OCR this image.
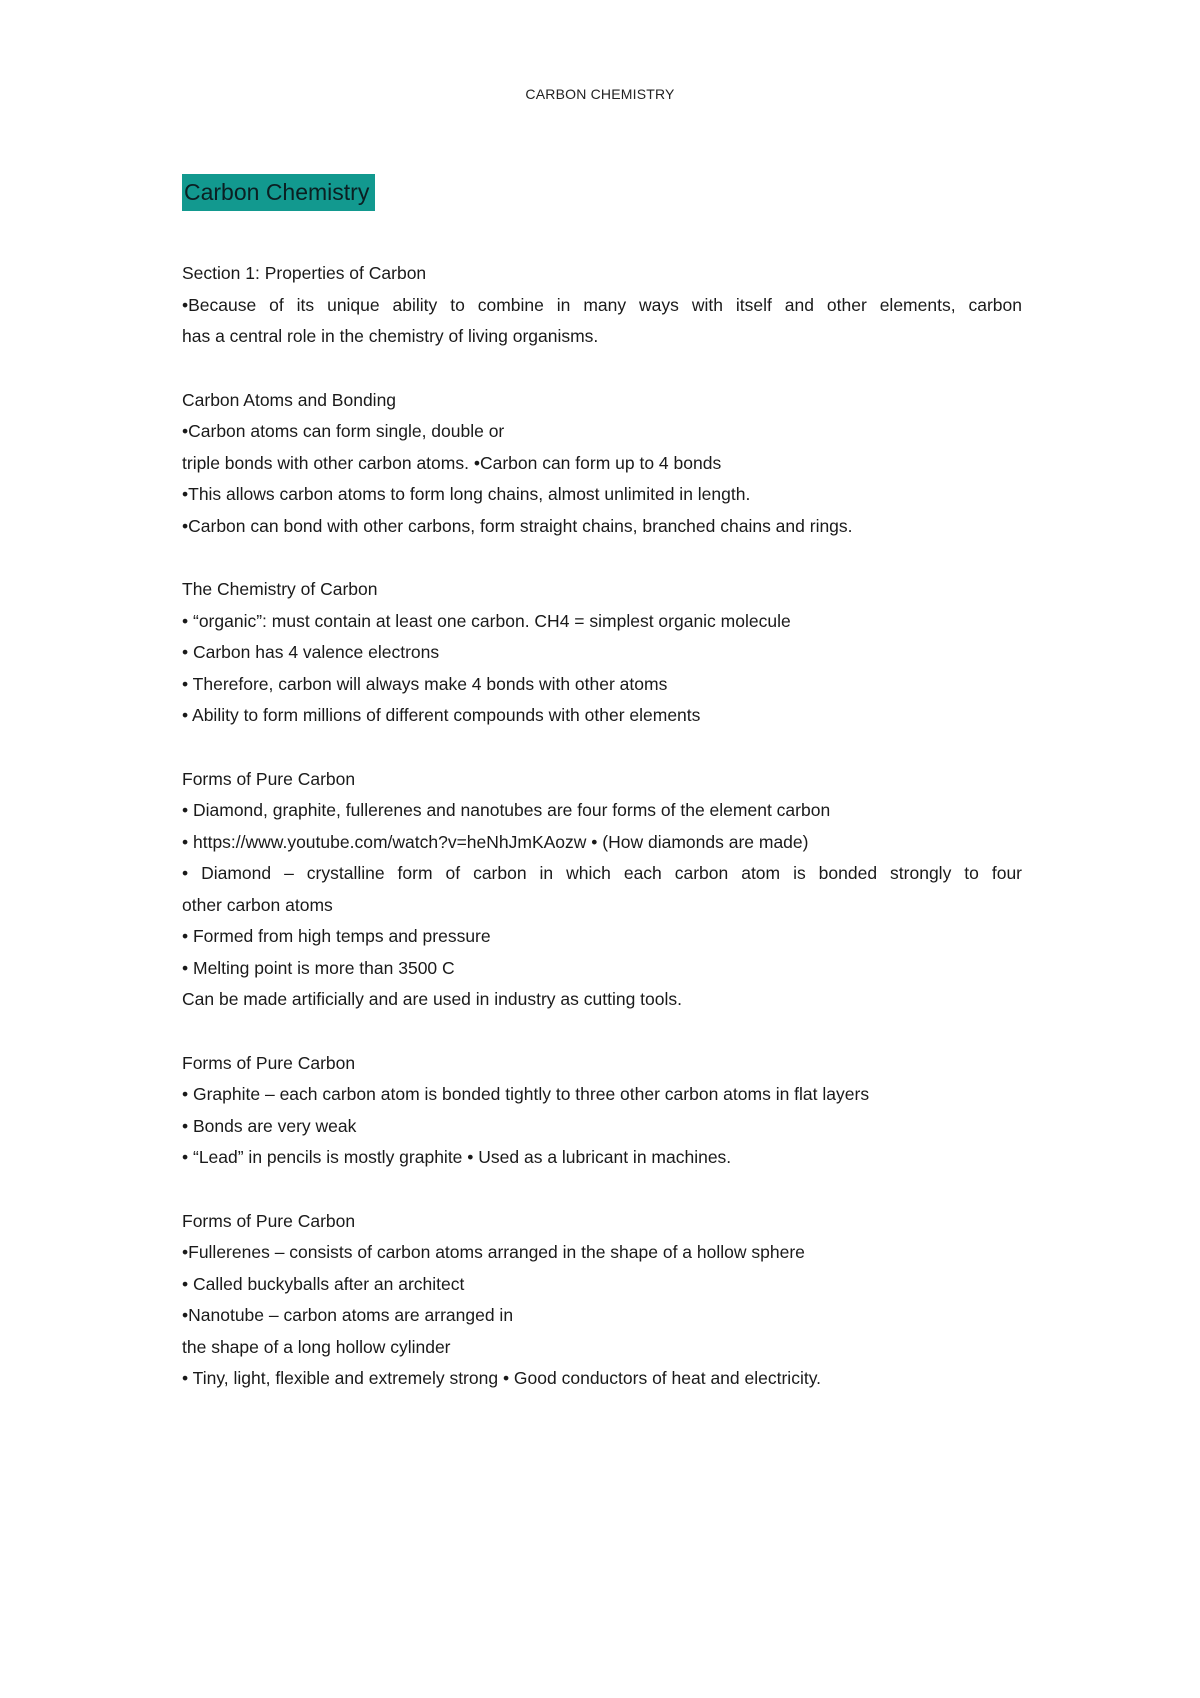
CARBON CHEMISTRY
Carbon Chemistry

Section 1: Properties of Carbon

•Because of its unique ability to combine in many ways with itself and other elements, carbon

has a central role in the chemistry of living organisms.

Carbon Atoms and Bonding

•Carbon atoms can form single, double or

triple bonds with other carbon atoms. •Carbon can form up to 4 bonds

•This allows carbon atoms to form long chains, almost unlimited in length.

•Carbon can bond with other carbons, form straight chains, branched chains and rings.

The Chemistry of Carbon

• “organic”: must contain at least one carbon. CH4 = simplest organic molecule

• Carbon has 4 valence electrons

• Therefore, carbon will always make 4 bonds with other atoms

• Ability to form millions of different compounds with other elements

Forms of Pure Carbon

• Diamond, graphite, fullerenes and nanotubes are four forms of the element carbon

• https://www.youtube.com/watch?v=heNhJmKAozw • (How diamonds are made)

• Diamond – crystalline form of carbon in which each carbon atom is bonded strongly to four

other carbon atoms

• Formed from high temps and pressure

• Melting point is more than 3500 C

Can be made artificially and are used in industry as cutting tools.

Forms of Pure Carbon

• Graphite – each carbon atom is bonded tightly to three other carbon atoms in flat layers

• Bonds are very weak

• “Lead” in pencils is mostly graphite • Used as a lubricant in machines.

Forms of Pure Carbon

•Fullerenes – consists of carbon atoms arranged in the shape of a hollow sphere

• Called buckyballs after an architect

•Nanotube – carbon atoms are arranged in

the shape of a long hollow cylinder

• Tiny, light, flexible and extremely strong • Good conductors of heat and electricity.
